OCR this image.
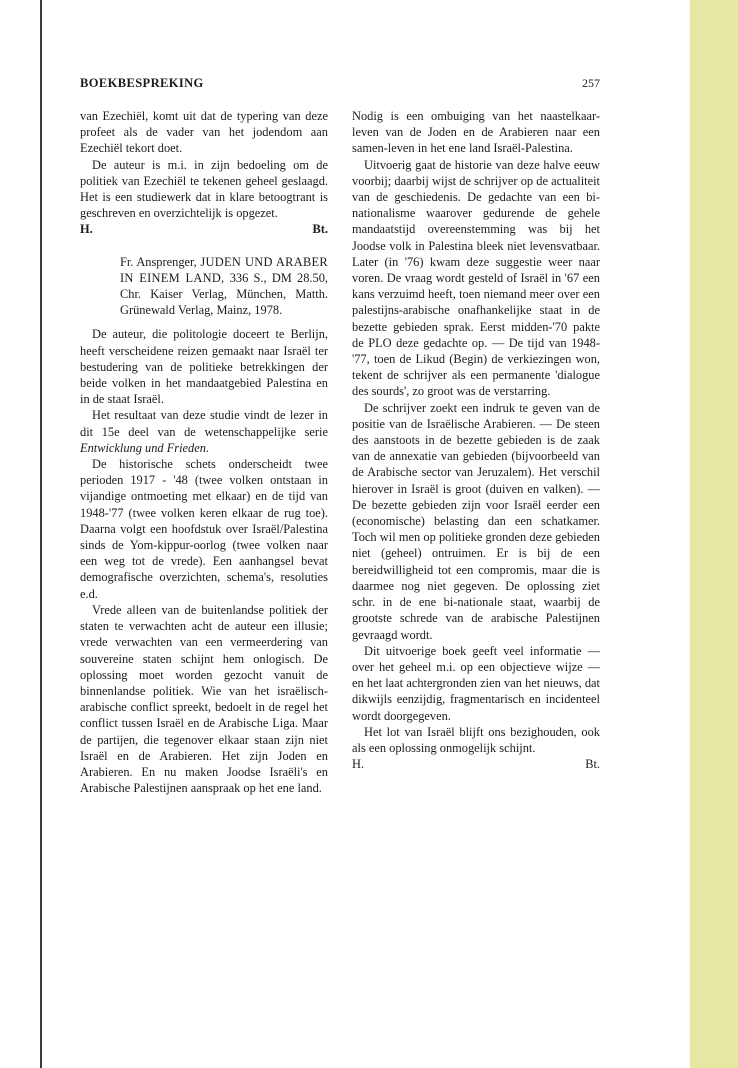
BOEKBESPREKING	257

van Ezechiël, komt uit dat de typering van deze profeet als de vader van het jodendom aan Ezechiël tekort doet.

De auteur is m.i. in zijn bedoeling om de politiek van Ezechiël te tekenen geheel geslaagd. Het is een studiewerk dat in klare betoogtrant is geschreven en overzichtelijk is opgezet.

H.	Bt.
Fr. Ansprenger, JUDEN UND ARABER IN EINEM LAND, 336 S., DM 28.50, Chr. Kaiser Verlag, München, Matth. Grünewald Verlag, Mainz, 1978.

De auteur, die politologie doceert te Berlijn, heeft verscheidene reizen gemaakt naar Israël ter bestudering van de politieke betrekkingen der beide volken in het mandaatgebied Palestina en in de staat Israël.

Het resultaat van deze studie vindt de lezer in dit 15e deel van de wetenschappelijke serie Entwicklung und Frieden.

De historische schets onderscheidt twee perioden 1917 - '48 (twee volken ontstaan in vijandige ontmoeting met elkaar) en de tijd van 1948-'77 (twee volken keren elkaar de rug toe). Daarna volgt een hoofdstuk over Israël/Palestina sinds de Yom-kippur-oorlog (twee volken naar een weg tot de vrede). Een aanhangsel bevat demografische overzichten, schema's, resoluties e.d.

Vrede alleen van de buitenlandse politiek der staten te verwachten acht de auteur een illusie; vrede verwachten van een vermeerdering van souvereine staten schijnt hem onlogisch. De oplossing moet worden gezocht vanuit de binnenlandse politiek. Wie van het israëlisch-arabische conflict spreekt, bedoelt in de regel het conflict tussen Israël en de Arabische Liga. Maar de partijen, die tegenover elkaar staan zijn niet Israël en de Arabieren. Het zijn Joden en Arabieren. En nu maken Joodse Israëli's en Arabische Palestijnen aanspraak op het ene land.

Nodig is een ombuiging van het naastelkaar-leven van de Joden en de Arabieren naar een samen-leven in het ene land Israël-Palestina.

Uitvoerig gaat de historie van deze halve eeuw voorbij; daarbij wijst de schrijver op de actualiteit van de geschiedenis. De gedachte van een bi-nationalisme waarover gedurende de gehele mandaatstijd overeenstemming was bij het Joodse volk in Palestina bleek niet levensvatbaar. Later (in '76) kwam deze suggestie weer naar voren. De vraag wordt gesteld of Israël in '67 een kans verzuimd heeft, toen niemand meer over een palestijns-arabische onafhankelijke staat in de bezette gebieden sprak. Eerst midden-'70 pakte de PLO deze gedachte op. — De tijd van 1948-'77, toen de Likud (Begin) de verkiezingen won, tekent de schrijver als een permanente 'dialogue des sourds', zo groot was de verstarring.

De schrijver zoekt een indruk te geven van de positie van de Israëlische Arabieren. — De steen des aanstoots in de bezette gebieden is de zaak van de annexatie van gebieden (bijvoorbeeld van de Arabische sector van Jeruzalem). Het verschil hierover in Israël is groot (duiven en valken). — De bezette gebieden zijn voor Israël eerder een (economische) belasting dan een schatkamer. Toch wil men op politieke gronden deze gebieden niet (geheel) ontruimen. Er is bij de een bereidwilligheid tot een compromis, maar die is daarmee nog niet gegeven. De oplossing ziet schr. in de ene bi-nationale staat, waarbij de grootste schrede van de arabische Palestijnen gevraagd wordt.

Dit uitvoerige boek geeft veel informatie — over het geheel m.i. op een objectieve wijze — en het laat achtergronden zien van het nieuws, dat dikwijls eenzijdig, fragmentarisch en incidenteel wordt doorgegeven.

Het lot van Israël blijft ons bezighouden, ook als een oplossing onmogelijk schijnt.

H.	Bt.
